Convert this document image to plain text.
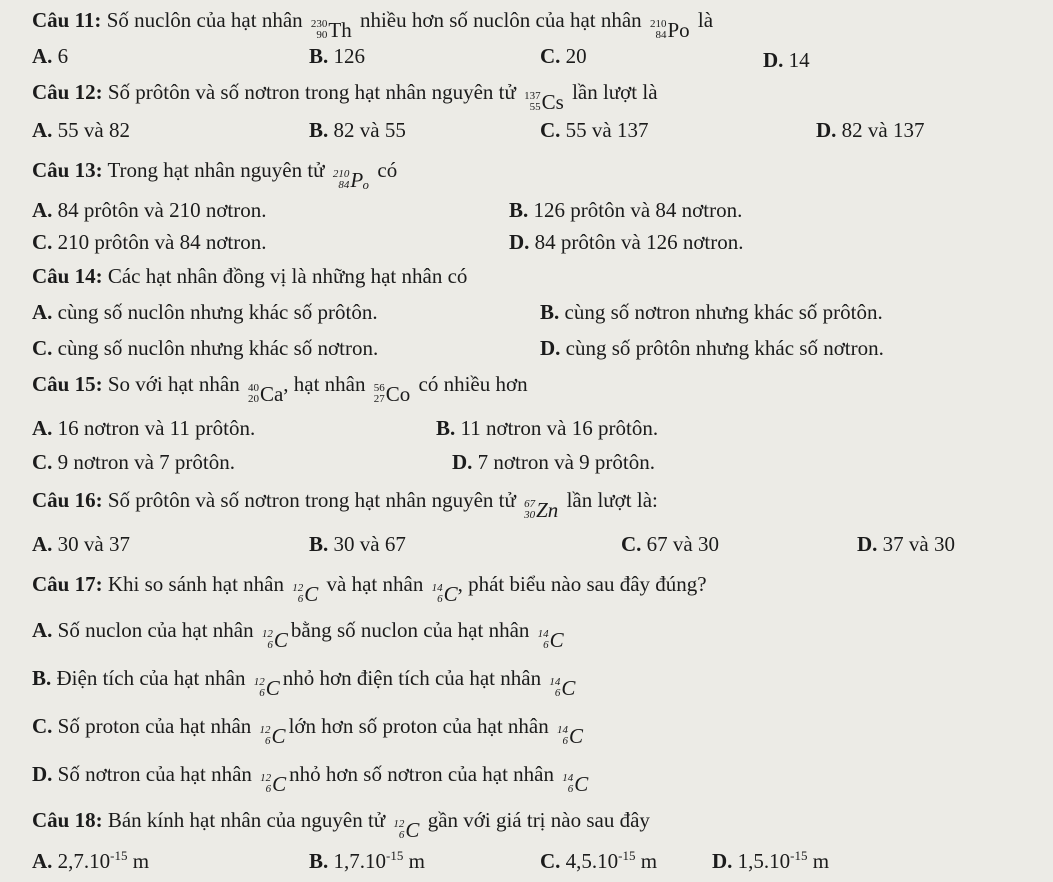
Câu 11: Số nuclôn của hạt nhân 230
90 Th nhiều hơn số nuclôn của hạt nhân 210
84 Po là
A. 6	B. 126	C. 20	D. 14
Câu 12: Số prôtôn và số nơtron trong hạt nhân nguyên tử 137
55 Cs lần lượt là
A. 55 và 82	B. 82 và 55	C. 55 và 137	D. 82 và 137
Câu 13: Trong hạt nhân nguyên tử 210
84 Pₒ có
A. 84 prôtôn và 210 nơtron.	B. 126 prôtôn và 84 nơtron.
C. 210 prôtôn và 84 nơtron.	D. 84 prôtôn và 126 nơtron.
Câu 14: Các hạt nhân đồng vị là những hạt nhân có
A. cùng số nuclôn nhưng khác số prôtôn.	B. cùng số nơtron nhưng khác số prôtôn.
C. cùng số nuclôn nhưng khác số nơtron.	D. cùng số prôtôn nhưng khác số nơtron.
Câu 15: So với hạt nhân 40
20 Ca , hạt nhân 56
27 Co có nhiều hơn
A. 16 nơtron và 11 prôtôn.	B. 11 nơtron và 16 prôtôn.
C. 9 nơtron và 7 prôtôn.	D. 7 nơtron và 9 prôtôn.
Câu 16: Số prôtôn và số nơtron trong hạt nhân nguyên tử 67
30 Zn lần lượt là:
A. 30 và 37	B. 30 và 67	C. 67 và 30	D. 37 và 30
Câu 17: Khi so sánh hạt nhân 12
6 C và hạt nhân 14
6 C , phát biểu nào sau đây đúng?
A. Số nuclon của hạt nhân 12
6 C bằng số nuclon của hạt nhân 14
6 C
B. Điện tích của hạt nhân 12
6 C nhỏ hơn điện tích của hạt nhân 14
6 C
C. Số proton của hạt nhân 12
6 C lớn hơn số proton của hạt nhân 14
6 C
D. Số nơtron của hạt nhân 12
6 C nhỏ hơn số nơtron của hạt nhân 14
6 C
Câu 18: Bán kính hạt nhân của nguyên tử 12
6 C gần với giá trị nào sau đây
A. $2,7.10^{-15}$ m	B. $1,7.10^{-15}$ m	C. $4,5.10^{-15}$ m	D. $1,5.10^{-15}$ m
